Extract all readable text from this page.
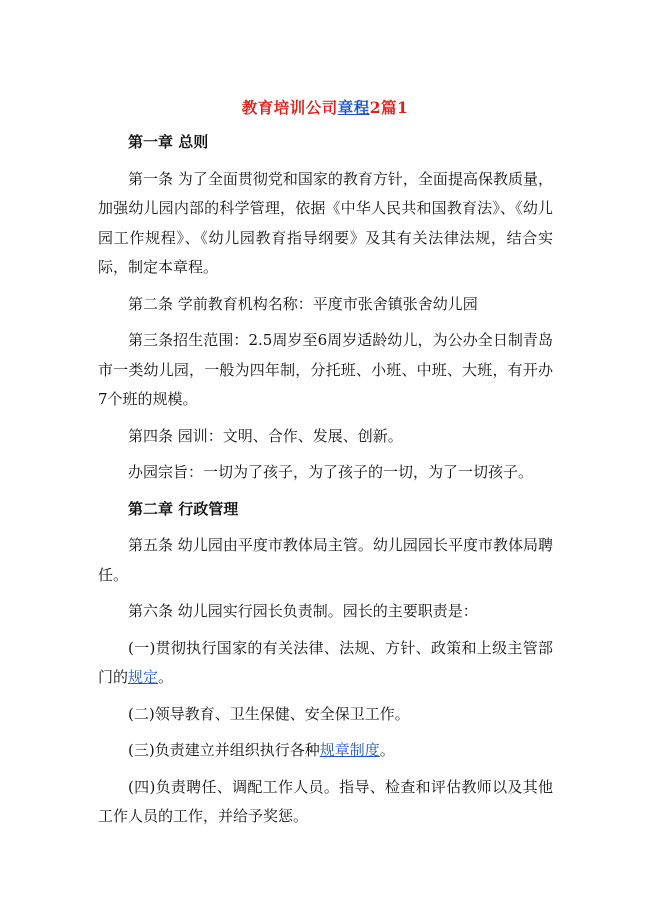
教育培训公司章程2篇1

第一章 总则

第一条 为了全面贯彻党和国家的教育方针，全面提高保教质量，加强幼儿园内部的科学管理，依据《中华人民共和国教育法》、《幼儿园工作规程》、《幼儿园教育指导纲要》及其有关法律法规，结合实际，制定本章程。

第二条 学前教育机构名称：平度市张舍镇张舍幼儿园

第三条招生范围：2.5周岁至6周岁适龄幼儿，为公办全日制青岛市一类幼儿园，一般为四年制，分托班、小班、中班、大班，有开办7个班的规模。

第四条 园训：文明、合作、发展、创新。

办园宗旨：一切为了孩子，为了孩子的一切，为了一切孩子。

第二章 行政管理

第五条 幼儿园由平度市教体局主管。幼儿园园长平度市教体局聘任。

第六条 幼儿园实行园长负责制。园长的主要职责是：

(一)贯彻执行国家的有关法律、法规、方针、政策和上级主管部门的规定。

(二)领导教育、卫生保健、安全保卫工作。

(三)负责建立并组织执行各种规章制度。

(四)负责聘任、调配工作人员。指导、检查和评估教师以及其他工作人员的工作，并给予奖惩。
